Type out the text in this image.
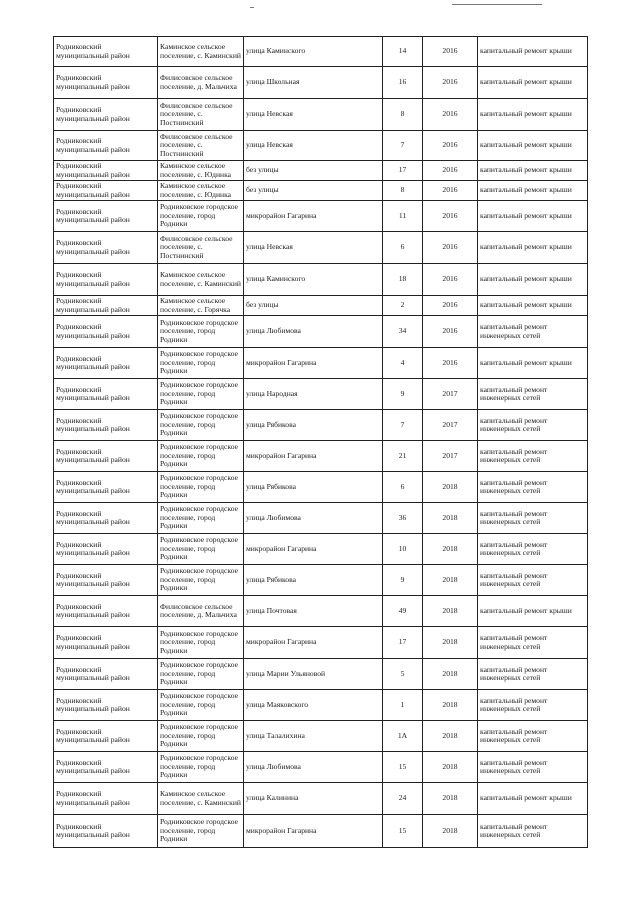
Родниковский муниципальный район	Каминское сельское поселение, с. Каминский	улица Каминского	14	2016	капитальный ремонт крыши
Родниковский муниципальный район	Филисовское сельское поселение, д. Мальчиха	улица Школьная	16	2016	капитальный ремонт крыши
Родниковский муниципальный район	Филисовское сельское поселение, с. Постнинский	улица Невская	8	2016	капитальный ремонт крыши
Родниковский муниципальный район	Филисовское сельское поселение, с. Постнинский	улица Невская	7	2016	капитальный ремонт крыши
Родниковский муниципальный район	Каминское сельское поселение, с. Юдинка	без улицы	17	2016	капитальный ремонт крыши
Родниковский муниципальный район	Каминское сельское поселение, с. Юдинка	без улицы	8	2016	капитальный ремонт крыши
Родниковский муниципальный район	Родниковское городское поселение, город Родники	микрорайон Гагарина	11	2016	капитальный ремонт крыши
Родниковский муниципальный район	Филисовское сельское поселение, с. Постнинский	улица Невская	6	2016	капитальный ремонт крыши
Родниковский муниципальный район	Каминское сельское поселение, с. Каминский	улица Каминского	18	2016	капитальный ремонт крыши
Родниковский муниципальный район	Каминское сельское поселение, с. Горячка	без улицы	2	2016	капитальный ремонт крыши
Родниковский муниципальный район	Родниковское городское поселение, город Родники	улица Любимова	34	2016	капитальный ремонт инженерных сетей
Родниковский муниципальный район	Родниковское городское поселение, город Родники	микрорайон Гагарина	4	2016	капитальный ремонт крыши
Родниковский муниципальный район	Родниковское городское поселение, город Родники	улица Народная	9	2017	капитальный ремонт инженерных сетей
Родниковский муниципальный район	Родниковское городское поселение, город Родники	улица Рябикова	7	2017	капитальный ремонт инженерных сетей
Родниковский муниципальный район	Родниковское городское поселение, город Родники	микрорайон Гагарина	21	2017	капитальный ремонт инженерных сетей
Родниковский муниципальный район	Родниковское городское поселение, город Родники	улица Рябикова	6	2018	капитальный ремонт инженерных сетей
Родниковский муниципальный район	Родниковское городское поселение, город Родники	улица Любимова	36	2018	капитальный ремонт инженерных сетей
Родниковский муниципальный район	Родниковское городское поселение, город Родники	микрорайон Гагарина	10	2018	капитальный ремонт инженерных сетей
Родниковский муниципальный район	Родниковское городское поселение, город Родники	улица Рябикова	9	2018	капитальный ремонт инженерных сетей
Родниковский муниципальный район	Филисовское сельское поселение, д. Мальчиха	улица Почтовая	49	2018	капитальный ремонт крыши
Родниковский муниципальный район	Родниковское городское поселение, город Родники	микрорайон Гагарина	17	2018	капитальный ремонт инженерных сетей
Родниковский муниципальный район	Родниковское городское поселение, город Родники	улица Марии Ульяновой	5	2018	капитальный ремонт инженерных сетей
Родниковский муниципальный район	Родниковское городское поселение, город Родники	улица Маяковского	1	2018	капитальный ремонт инженерных сетей
Родниковский муниципальный район	Родниковское городское поселение, город Родники	улица Талалихина	1А	2018	капитальный ремонт инженерных сетей
Родниковский муниципальный район	Родниковское городское поселение, город Родники	улица Любимова	15	2018	капитальный ремонт инженерных сетей
Родниковский муниципальный район	Каминское сельское поселение, с. Каминский	улица Калинина	24	2018	капитальный ремонт крыши
Родниковский муниципальный район	Родниковское городское поселение, город Родники	микрорайон Гагарина	15	2018	капитальный ремонт инженерных сетей
